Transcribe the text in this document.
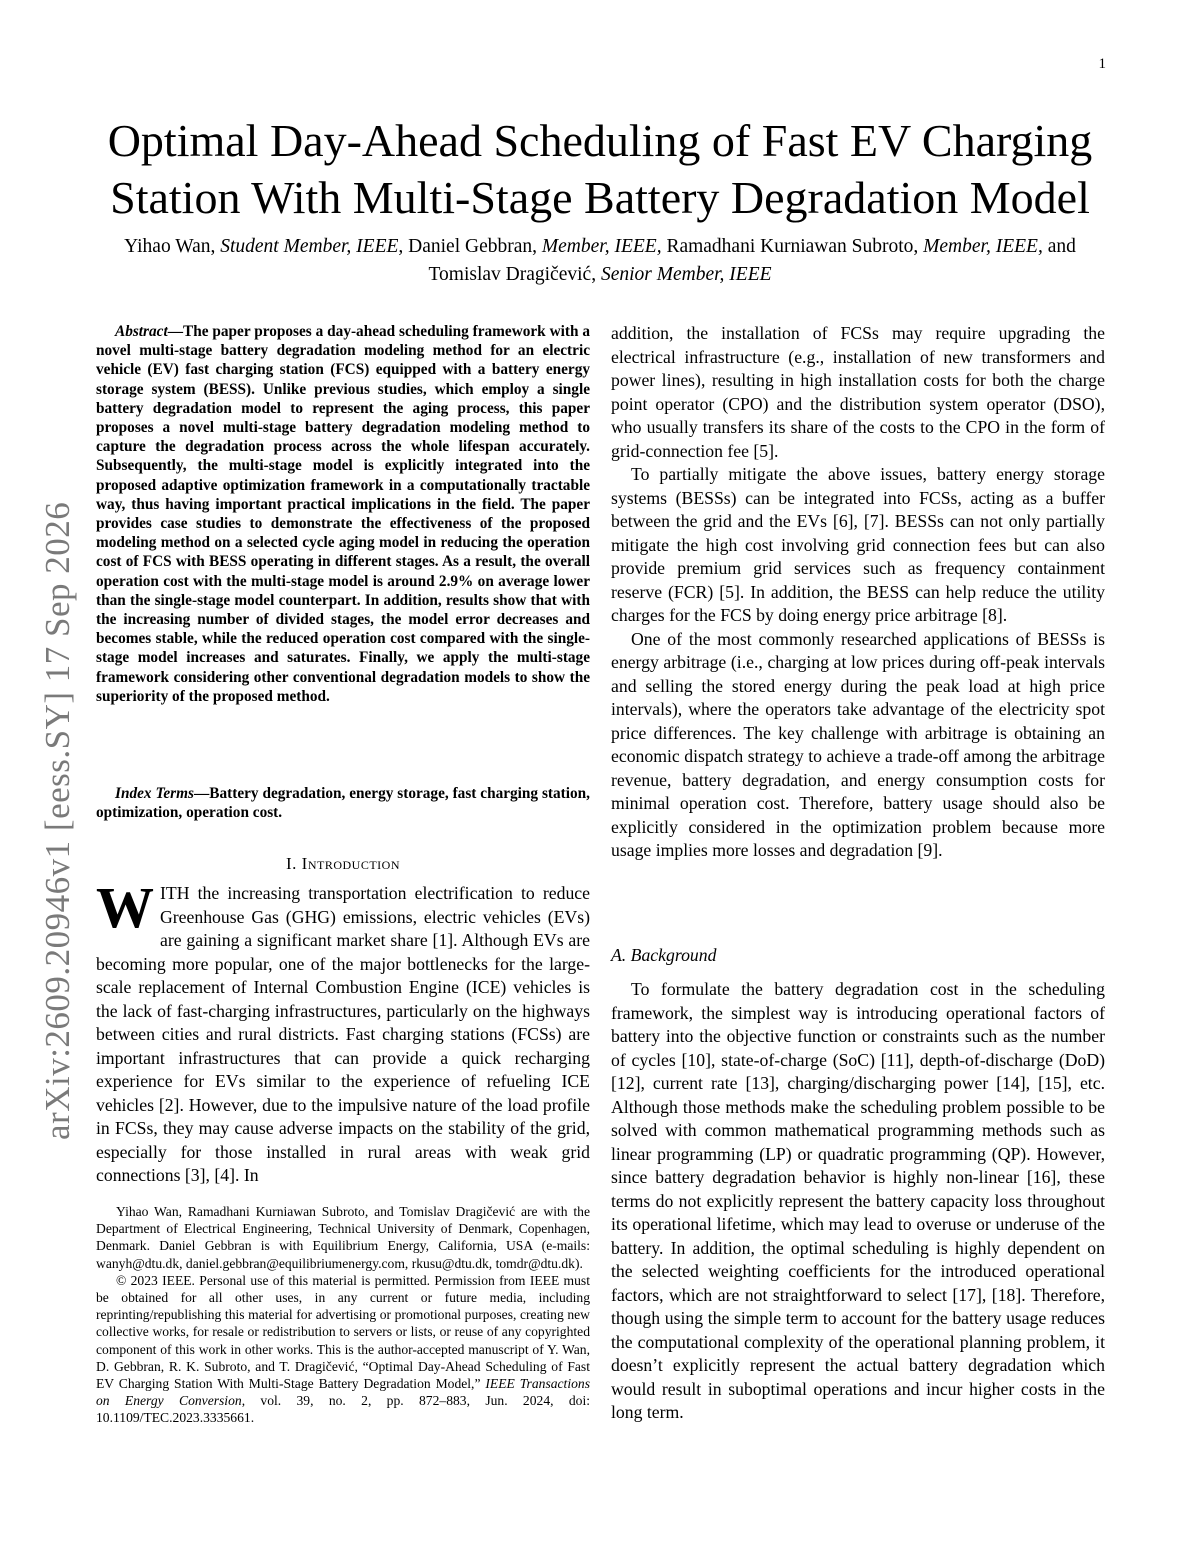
1
arXiv:2609.20946v1 [eess.SY] 17 Sep 2026
Optimal Day-Ahead Scheduling of Fast EV Charging Station With Multi-Stage Battery Degradation Model
Yihao Wan, Student Member, IEEE, Daniel Gebbran, Member, IEEE, Ramadhani Kurniawan Subroto, Member, IEEE, and Tomislav Dragičević, Senior Member, IEEE

Abstract—The paper proposes a day-ahead scheduling framework with a novel multi-stage battery degradation modeling method for an electric vehicle (EV) fast charging station (FCS) equipped with a battery energy storage system (BESS). Unlike previous studies, which employ a single battery degradation model to represent the aging process, this paper proposes a novel multi-stage battery degradation modeling method to capture the degradation process across the whole lifespan accurately. Subsequently, the multi-stage model is explicitly integrated into the proposed adaptive optimization framework in a computationally tractable way, thus having important practical implications in the field. The paper provides case studies to demonstrate the effectiveness of the proposed modeling method on a selected cycle aging model in reducing the operation cost of FCS with BESS operating in different stages. As a result, the overall operation cost with the multi-stage model is around 2.9% on average lower than the single-stage model counterpart. In addition, results show that with the increasing number of divided stages, the model error decreases and becomes stable, while the reduced operation cost compared with the single-stage model increases and saturates. Finally, we apply the multi-stage framework considering other conventional degradation models to show the superiority of the proposed method.

Index Terms—Battery degradation, energy storage, fast charging station, optimization, operation cost.

I. Introduction

WITH the increasing transportation electrification to reduce Greenhouse Gas (GHG) emissions, electric vehicles (EVs) are gaining a significant market share [1]. Although EVs are becoming more popular, one of the major bottlenecks for the large-scale replacement of Internal Combustion Engine (ICE) vehicles is the lack of fast-charging infrastructures, particularly on the highways between cities and rural districts. Fast charging stations (FCSs) are important infrastructures that can provide a quick recharging experience for EVs similar to the experience of refueling ICE vehicles [2]. However, due to the impulsive nature of the load profile in FCSs, they may cause adverse impacts on the stability of the grid, especially for those installed in rural areas with weak grid connections [3], [4]. In

Yihao Wan, Ramadhani Kurniawan Subroto, and Tomislav Dragičević are with the Department of Electrical Engineering, Technical University of Denmark, Copenhagen, Denmark. Daniel Gebbran is with Equilibrium Energy, California, USA (e-mails: wanyh@dtu.dk, daniel.gebbran@equilibriumenergy.com, rkusu@dtu.dk, tomdr@dtu.dk).

© 2023 IEEE. Personal use of this material is permitted. Permission from IEEE must be obtained for all other uses, in any current or future media, including reprinting/republishing this material for advertising or promotional purposes, creating new collective works, for resale or redistribution to servers or lists, or reuse of any copyrighted component of this work in other works. This is the author-accepted manuscript of Y. Wan, D. Gebbran, R. K. Subroto, and T. Dragičević, “Optimal Day-Ahead Scheduling of Fast EV Charging Station With Multi-Stage Battery Degradation Model,” IEEE Transactions on Energy Conversion, vol. 39, no. 2, pp. 872–883, Jun. 2024, doi: 10.1109/TEC.2023.3335661.

addition, the installation of FCSs may require upgrading the electrical infrastructure (e.g., installation of new transformers and power lines), resulting in high installation costs for both the charge point operator (CPO) and the distribution system operator (DSO), who usually transfers its share of the costs to the CPO in the form of grid-connection fee [5].

To partially mitigate the above issues, battery energy storage systems (BESSs) can be integrated into FCSs, acting as a buffer between the grid and the EVs [6], [7]. BESSs can not only partially mitigate the high cost involving grid connection fees but can also provide premium grid services such as frequency containment reserve (FCR) [5]. In addition, the BESS can help reduce the utility charges for the FCS by doing energy price arbitrage [8].

One of the most commonly researched applications of BESSs is energy arbitrage (i.e., charging at low prices during off-peak intervals and selling the stored energy during the peak load at high price intervals), where the operators take advantage of the electricity spot price differences. The key challenge with arbitrage is obtaining an economic dispatch strategy to achieve a trade-off among the arbitrage revenue, battery degradation, and energy consumption costs for minimal operation cost. Therefore, battery usage should also be explicitly considered in the optimization problem because more usage implies more losses and degradation [9].

A. Background

To formulate the battery degradation cost in the scheduling framework, the simplest way is introducing operational factors of battery into the objective function or constraints such as the number of cycles [10], state-of-charge (SoC) [11], depth-of-discharge (DoD) [12], current rate [13], charging/discharging power [14], [15], etc. Although those methods make the scheduling problem possible to be solved with common mathematical programming methods such as linear programming (LP) or quadratic programming (QP). However, since battery degradation behavior is highly non-linear [16], these terms do not explicitly represent the battery capacity loss throughout its operational lifetime, which may lead to overuse or underuse of the battery. In addition, the optimal scheduling is highly dependent on the selected weighting coefficients for the introduced operational factors, which are not straightforward to select [17], [18]. Therefore, though using the simple term to account for the battery usage reduces the computational complexity of the operational planning problem, it doesn’t explicitly represent the actual battery degradation which would result in suboptimal operations and incur higher costs in the long term.
